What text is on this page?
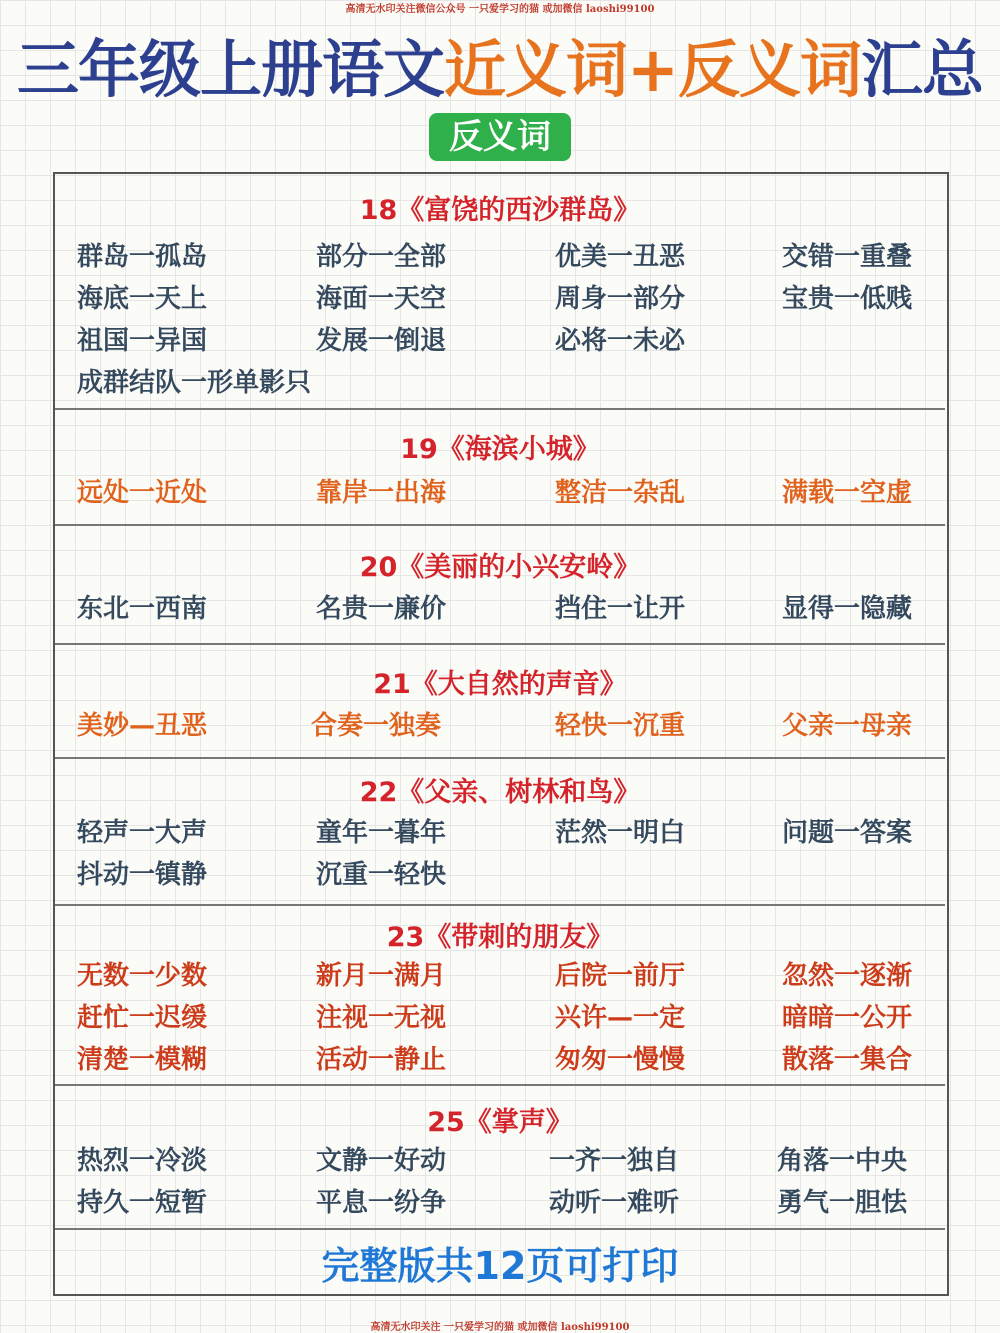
高清无水印关注微信公众号 一只爱学习的猫 或加微信 laoshi99100
三年级上册语文近义词+反义词汇总
反义词
18《富饶的西沙群岛》
群岛一孤岛	部分一全部	优美一丑恶	交错一重叠
海底一天上	海面一天空	周身一部分	宝贵一低贱
祖国一异国	发展一倒退	必将一未必
成群结队一形单影只
19《海滨小城》
远处一近处	靠岸一出海	整洁一杂乱	满载一空虚
20《美丽的小兴安岭》
东北一西南	名贵一廉价	挡住一让开	显得一隐藏
21《大自然的声音》
美妙—丑恶	合奏一独奏	轻快一沉重	父亲一母亲
22《父亲、树林和鸟》
轻声一大声	童年一暮年	茫然一明白	问题一答案
抖动一镇静	沉重一轻快
23《带刺的朋友》
无数一少数	新月一满月	后院一前厅	忽然一逐渐
赶忙一迟缓	注视一无视	兴许—一定	暗暗一公开
清楚一模糊	活动一静止	匆匆一慢慢	散落一集合
25《掌声》
热烈一冷淡	文静一好动	一齐一独自	角落一中央
持久一短暂	平息一纷争	动听一难听	勇气一胆怯
完整版共12页可打印
高清无水印关注 一只爱学习的猫 或加微信 laoshi99100
